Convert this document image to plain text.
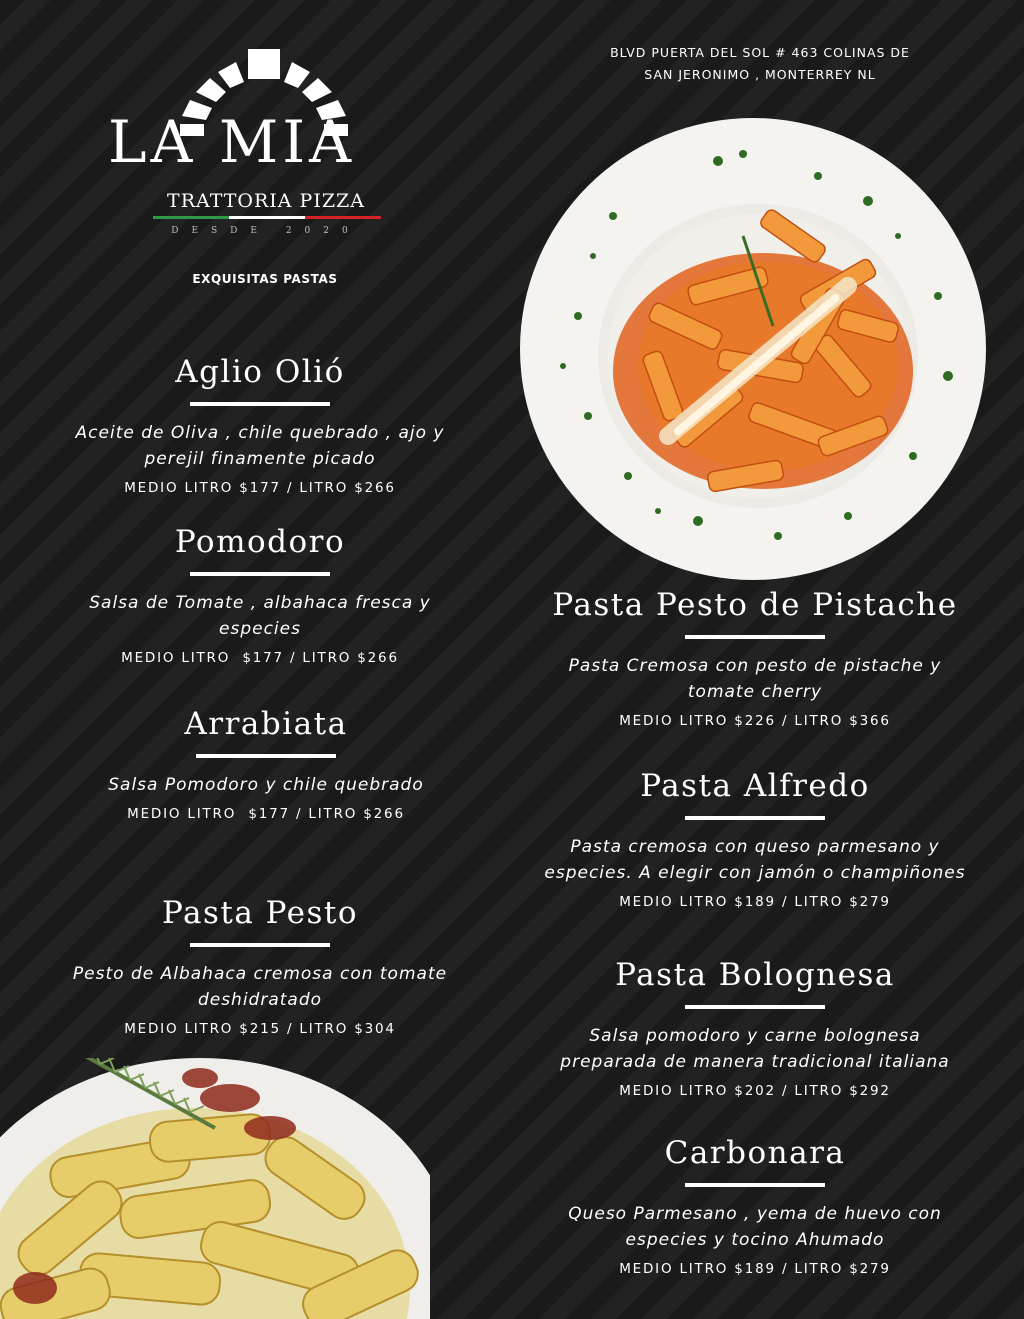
LA MIA
TRATTORIA PIZZA
DESDE 2020
EXQUISITAS PASTAS
BLVD PUERTA DEL SOL # 463 COLINAS DE
SAN JERONIMO , MONTERREY NL
Aglio Olió
Aceite de Oliva , chile quebrado , ajo y
perejil finamente picado
MEDIO LITRO $177 / LITRO $266
Pomodoro
Salsa de Tomate , albahaca fresca y
especies
MEDIO LITRO  $177 / LITRO $266
Arrabiata
Salsa Pomodoro y chile quebrado
MEDIO LITRO  $177 / LITRO $266
Pasta Pesto
Pesto de Albahaca cremosa con tomate
deshidratado
MEDIO LITRO $215 / LITRO $304
Pasta Pesto de Pistache
Pasta Cremosa con pesto de pistache y
tomate cherry
MEDIO LITRO $226 / LITRO $366
Pasta Alfredo
Pasta cremosa con queso parmesano y
especies. A elegir con jamón o champiñones
MEDIO LITRO $189 / LITRO $279
Pasta Bolognesa
Salsa pomodoro y carne bolognesa
preparada de manera tradicional italiana
MEDIO LITRO $202 / LITRO $292
Carbonara
Queso Parmesano , yema de huevo con
especies y tocino Ahumado
MEDIO LITRO $189 / LITRO $279
